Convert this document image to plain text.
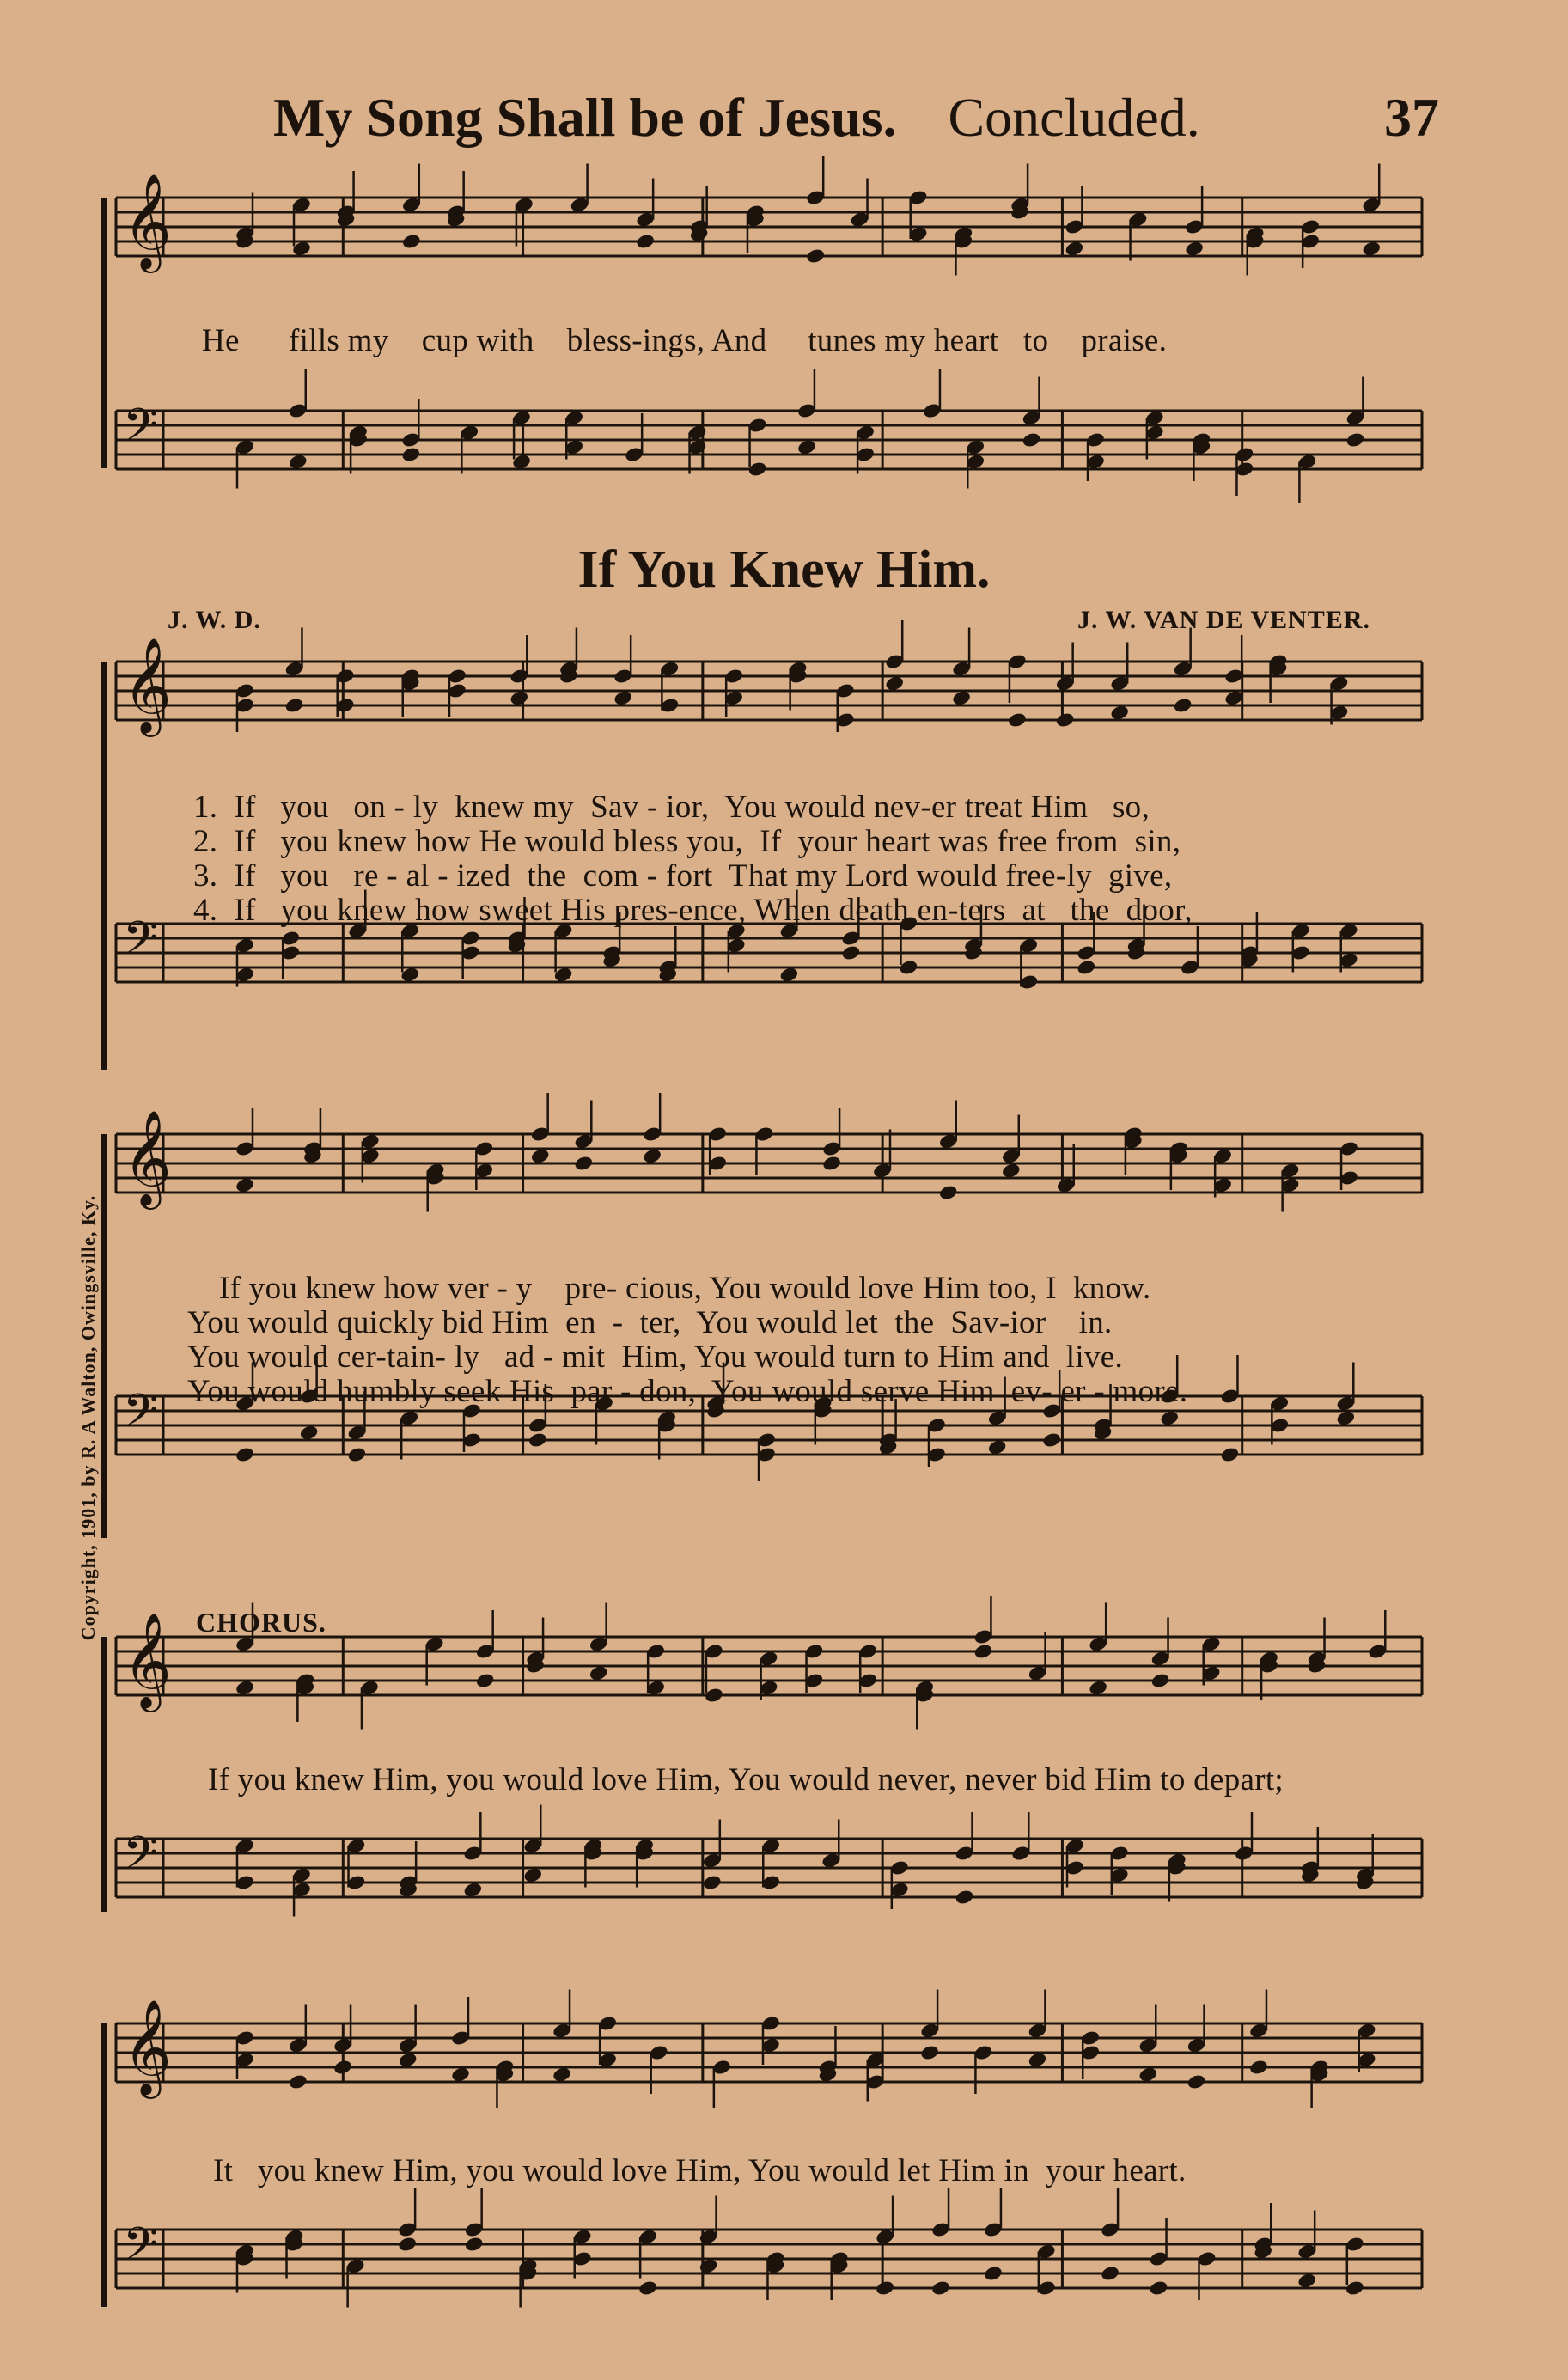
𝄞
𝄢
𝄞
𝄢
𝄞
𝄢
𝄞
𝄢
𝄞
𝄢
My Song Shall be of Jesus. Concluded.	37
He      fills my    cup with    bless-ings, And     tunes my heart   to    praise.
If You Knew Him.
J. W. D.	J. W. VAN DE VENTER.
1.  If   you   on - ly  knew my  Sav - ior,  You would nev-er treat Him   so,
2.  If   you knew how He would bless you,  If  your heart was free from  sin,
3.  If   you   re - al - ized  the  com - fort  That my Lord would free-ly  give,
4.  If   you knew how sweet His pres-ence, When death en-ters  at   the  door,
If you knew how ver - y    pre- cious, You would love Him too, I  know.
You would quickly bid Him  en  -  ter,  You would let  the  Sav-ior    in.
You would cer-tain- ly   ad - mit  Him, You would turn to Him and  live.
You would humbly seek His  par - don,  You would serve Him  ev- er - more.
CHORUS.
If you knew Him, you would love Him, You would never, never bid Him to depart;
It   you knew Him, you would love Him, You would let Him in  your heart.
Copyright, 1901, by R. A Walton, Owingsville, Ky.
